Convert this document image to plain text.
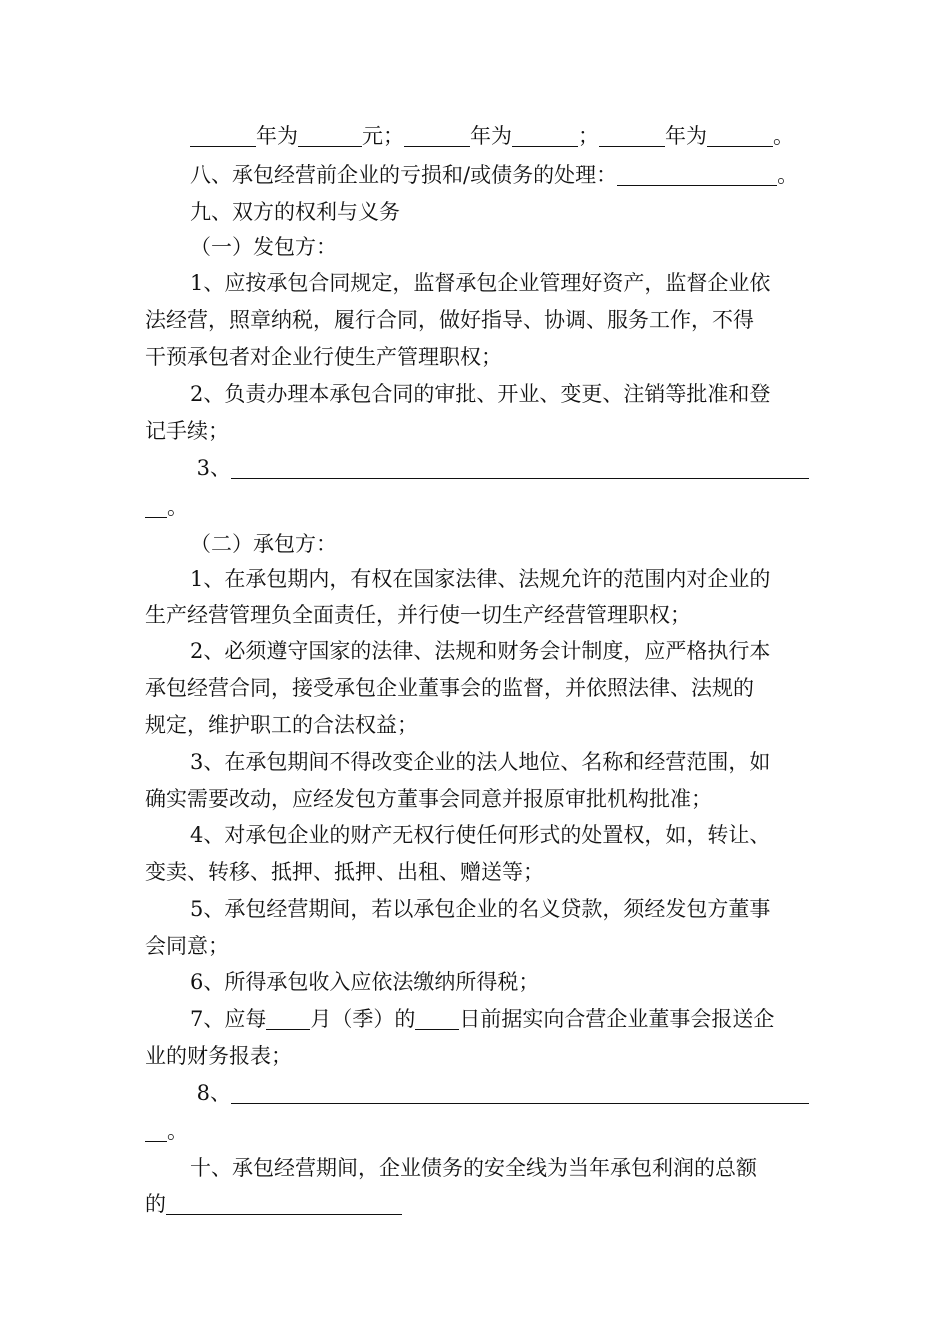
年为	元；	年为	；	年为	。
八、承包经营前企业的亏损和/或债务的处理：	。
九、双方的权利与义务
（一）发包方：
1、应按承包合同规定，监督承包企业管理好资产，监督企业依
法经营，照章纳税，履行合同，做好指导、协调、服务工作，不得
干预承包者对企业行使生产管理职权；
2、负责办理本承包合同的审批、开业、变更、注销等批准和登
记手续；
3、
。
（二）承包方：
1、在承包期内，有权在国家法律、法规允许的范围内对企业的
生产经营管理负全面责任，并行使一切生产经营管理职权；
2、必须遵守国家的法律、法规和财务会计制度，应严格执行本
承包经营合同，接受承包企业董事会的监督，并依照法律、法规的
规定，维护职工的合法权益；
3、在承包期间不得改变企业的法人地位、名称和经营范围，如
确实需要改动，应经发包方董事会同意并报原审批机构批准；
4、对承包企业的财产无权行使任何形式的处置权，如，转让、
变卖、转移、抵押、抵押、出租、赠送等；
5、承包经营期间，若以承包企业的名义贷款，须经发包方董事
会同意；
6、所得承包收入应依法缴纳所得税；
7、应每 月（季）的 日前据实向合营企业董事会报送企
业的财务报表；
8、
。
十、承包经营期间，企业债务的安全线为当年承包利润的总额
的
